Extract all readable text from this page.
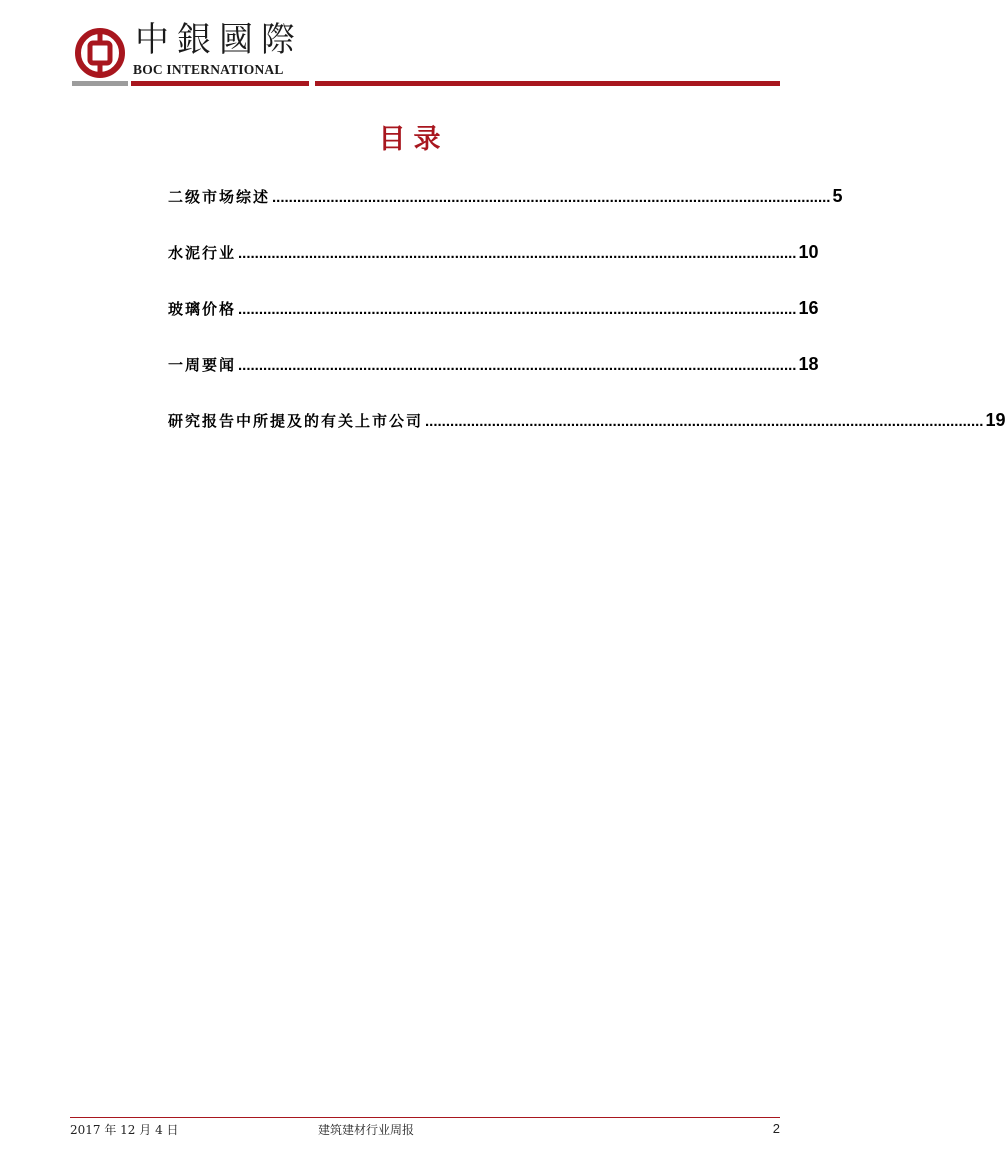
中銀國際
BOC INTERNATIONAL
目录
二级市场综述 ...................................................................................................................................... 5
水泥行业 ...................................................................................................................................... 10
玻璃价格 ...................................................................................................................................... 16
一周要闻 ...................................................................................................................................... 18
研究报告中所提及的有关上市公司 ...................................................................................................................................... 19
2017 年 12 月 4 日	建筑建材行业周报	2
